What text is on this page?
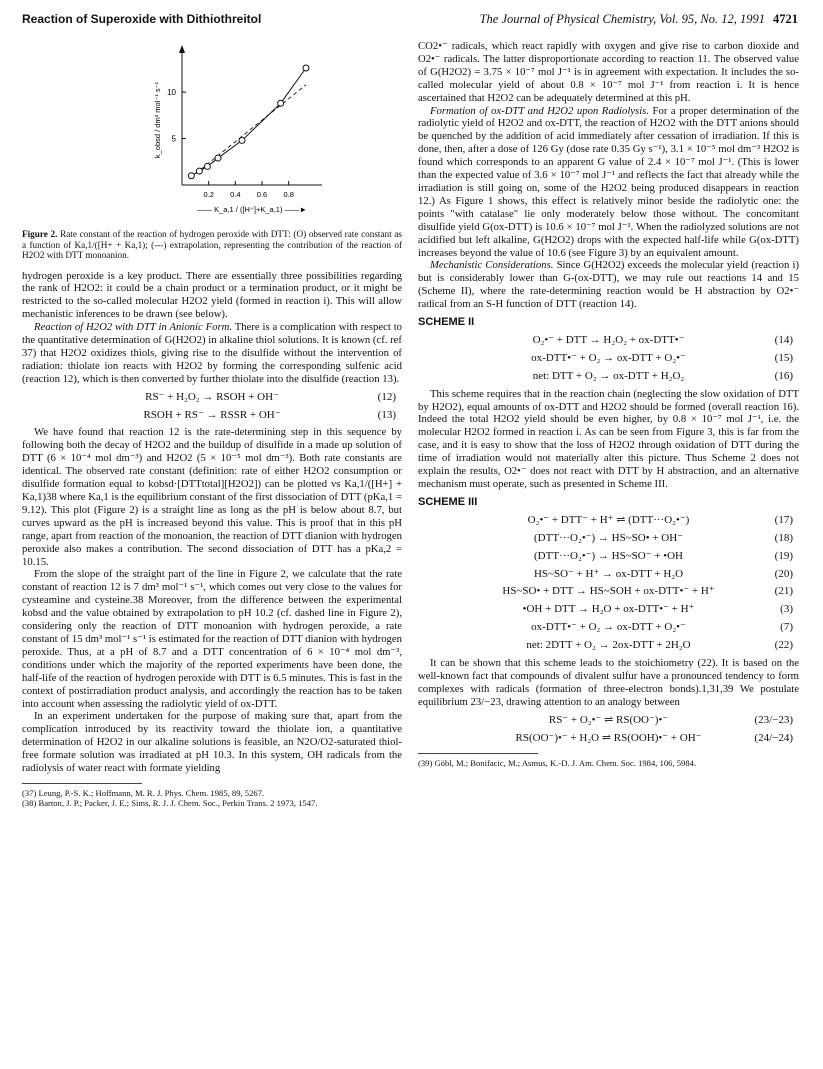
Reaction of Superoxide with Dithiothreitol	The Journal of Physical Chemistry, Vol. 95, No. 12, 1991 4721
5
10
0.2 0.4 0.6 0.8
k_obsd / dm³ mol⁻¹ s⁻¹
—— K_a,1 / ([H⁺]+K_a,1) ——►
Figure 2. Rate constant of the reaction of hydrogen peroxide with DTT: (O) observed rate constant as a function of Ka,1/([H+ + Ka,1); (---) extrapolation, representing the contribution of the reaction of H2O2 with DTT monoanion.

hydrogen peroxide is a key product. There are essentially three possibilities regarding the rank of H2O2: it could be a chain product or a termination product, or it might be restricted to the so-called molecular H2O2 yield (formed in reaction i). This will allow mechanistic inferences to be drawn (see below).

Reaction of H2O2 with DTT in Anionic Form. There is a complication with respect to the quantitative determination of G(H2O2) in alkaline thiol solutions. It is known (cf. ref 37) that H2O2 oxidizes thiols, giving rise to the disulfide without the intervention of radiation: thiolate ion reacts with H2O2 by forming the corresponding sulfenic acid (reaction 12), which is then converted by further thiolate into the disulfide (reaction 13).

RS⁻ + H₂O₂ → RSOH + OH⁻	(12)
RSOH + RS⁻ → RSSR + OH⁻	(13)

We have found that reaction 12 is the rate-determining step in this sequence by following both the decay of H2O2 and the buildup of disulfide in a made up solution of DTT (6 × 10⁻⁴ mol dm⁻³) and H2O2 (5 × 10⁻⁵ mol dm⁻³). Both rate constants are identical. The observed rate constant (definition: rate of either H2O2 consumption or disulfide formation equal to kobsd·[DTTtotal][H2O2]) can be plotted vs Ka,1/([H+] + Ka,1)38 where Ka,1 is the equilibrium constant of the first dissociation of DTT (pKa,1 = 9.12). This plot (Figure 2) is a straight line as long as the pH is below about 8.7, but curves upward as the pH is increased beyond this value. This is proof that in this pH range, apart from reaction of the monoanion, the reaction of DTT dianion with hydrogen peroxide also makes a contribution. The second dissociation of DTT has a pKa,2 = 10.15.

From the slope of the straight part of the line in Figure 2, we calculate that the rate constant of reaction 12 is 7 dm³ mol⁻¹ s⁻¹, which comes out very close to the values for cysteamine and cysteine.38 Moreover, from the difference between the experimental kobsd and the value obtained by extrapolation to pH 10.2 (cf. dashed line in Figure 2), considering only the reaction of DTT monoanion with hydrogen peroxide, a rate constant of 15 dm³ mol⁻¹ s⁻¹ is estimated for the reaction of DTT dianion with hydrogen peroxide. Thus, at a pH of 8.7 and a DTT concentration of 6 × 10⁻⁴ mol dm⁻³, conditions under which the majority of the reported experiments have been done, the half-life of the reaction of hydrogen peroxide with DTT is 6.5 minutes. This is fast in the context of postirradiation product analysis, and accordingly the reaction has to be taken into account when assessing the radiolytic yield of ox-DTT.

In an experiment undertaken for the purpose of making sure that, apart from the complication introduced by its reactivity toward the thiolate ion, a quantitative determination of H2O2 in our alkaline solutions is feasible, an N2O/O2-saturated thiol-free formate solution was irradiated at pH 10.3. In this system, OH radicals from the radiolysis of water react with formate yielding

(37) Leung, P.-S. K.; Hoffmann, M. R. J. Phys. Chem. 1985, 89, 5267.
(38) Barton, J. P.; Packer, J. E.; Sims, R. J. J. Chem. Soc., Perkin Trans. 2 1973, 1547.

CO2•⁻ radicals, which react rapidly with oxygen and give rise to carbon dioxide and O2•⁻ radicals. The latter disproportionate according to reaction 11. The observed value of G(H2O2) = 3.75 × 10⁻⁷ mol J⁻¹ is in agreement with expectation. It includes the so-called molecular yield of about 0.8 × 10⁻⁷ mol J⁻¹ from reaction i. It is hence ascertained that H2O2 can be adequately determined at this pH.

Formation of ox-DTT and H2O2 upon Radiolysis. For a proper determination of the radiolytic yield of H2O2 and ox-DTT, the reaction of H2O2 with the DTT anions should be quenched by the addition of acid immediately after cessation of irradiation. If this is done, then, after a dose of 126 Gy (dose rate 0.35 Gy s⁻¹), 3.1 × 10⁻⁵ mol dm⁻³ H2O2 is found which corresponds to an apparent G value of 2.4 × 10⁻⁷ mol J⁻¹. (This is lower than the expected value of 3.6 × 10⁻⁷ mol J⁻¹ and reflects the fact that already while the irradiation is still going on, some of the H2O2 being produced disappears in reaction 12.) As Figure 1 shows, this effect is relatively minor beside the radiolytic one: the points "with catalase" lie only moderately below those without. The concomitant disulfide yield G(ox-DTT) is 10.6 × 10⁻⁷ mol J⁻¹. When the radiolyzed solutions are not acidified but left alkaline, G(H2O2) drops with the expected half-life while G(ox-DTT) increases beyond the value of 10.6 (see Figure 3) by an equivalent amount.

Mechanistic Considerations. Since G(H2O2) exceeds the molecular yield (reaction i) but is considerably lower than G-(ox-DTT), we may rule out reactions 14 and 15 (Scheme II), where the rate-determining reaction would be H abstraction by O2•⁻ radical from an S-H function of DTT (reaction 14).

SCHEME II
O₂•⁻ + DTT → H₂O₂ + ox-DTT•⁻	(14)
ox-DTT•⁻ + O₂ → ox-DTT + O₂•⁻	(15)
net: DTT + O₂ → ox-DTT + H₂O₂	(16)

This scheme requires that in the reaction chain (neglecting the slow oxidation of DTT by H2O2), equal amounts of ox-DTT and H2O2 should be formed (overall reaction 16). Indeed the total H2O2 yield should be even higher, by 0.8 × 10⁻⁷ mol J⁻¹, i.e. the molecular H2O2 formed in reaction i. As can be seen from Figure 3, this is far from the case, and it is easy to show that the loss of H2O2 through oxidation of DTT during the time of irradiation would not materially alter this picture. Thus Scheme 2 does not explain the results, O2•⁻ does not react with DTT by H abstraction, and an alternative mechanism must operate, such as presented in Scheme III.

SCHEME III
O₂•⁻ + DTT⁻ + H⁺ ⇌ (DTT···O₂•⁻)	(17)
(DTT···O₂•⁻) → HS~SO• + OH⁻	(18)
(DTT···O₂•⁻) → HS~SO⁻ + •OH	(19)
HS~SO⁻ + H⁺ → ox-DTT + H₂O	(20)
HS~SO• + DTT → HS~SOH + ox-DTT•⁻ + H⁺	(21)
•OH + DTT → H₂O + ox-DTT•⁻ + H⁺	(3)
ox-DTT•⁻ + O₂ → ox-DTT + O₂•⁻	(7)
net: 2DTT + O₂ → 2ox-DTT + 2H₂O	(22)

It can be shown that this scheme leads to the stoichiometry (22). It is based on the well-known fact that compounds of divalent sulfur have a pronounced tendency to form complexes with radicals (formation of three-electron bonds).1,31,39 We postulate equilibrium 23/−23, drawing attention to an analogy between

RS⁻ + O₂•⁻ ⇌ RS(OO⁻)•⁻	(23/−23)
RS(OO⁻)•⁻ + H₂O ⇌ RS(OOH)•⁻ + OH⁻	(24/−24)
(39) Göbl, M.; Bonifacic, M.; Asmus, K.-D. J. Am. Chem. Soc. 1984, 106, 5984.
